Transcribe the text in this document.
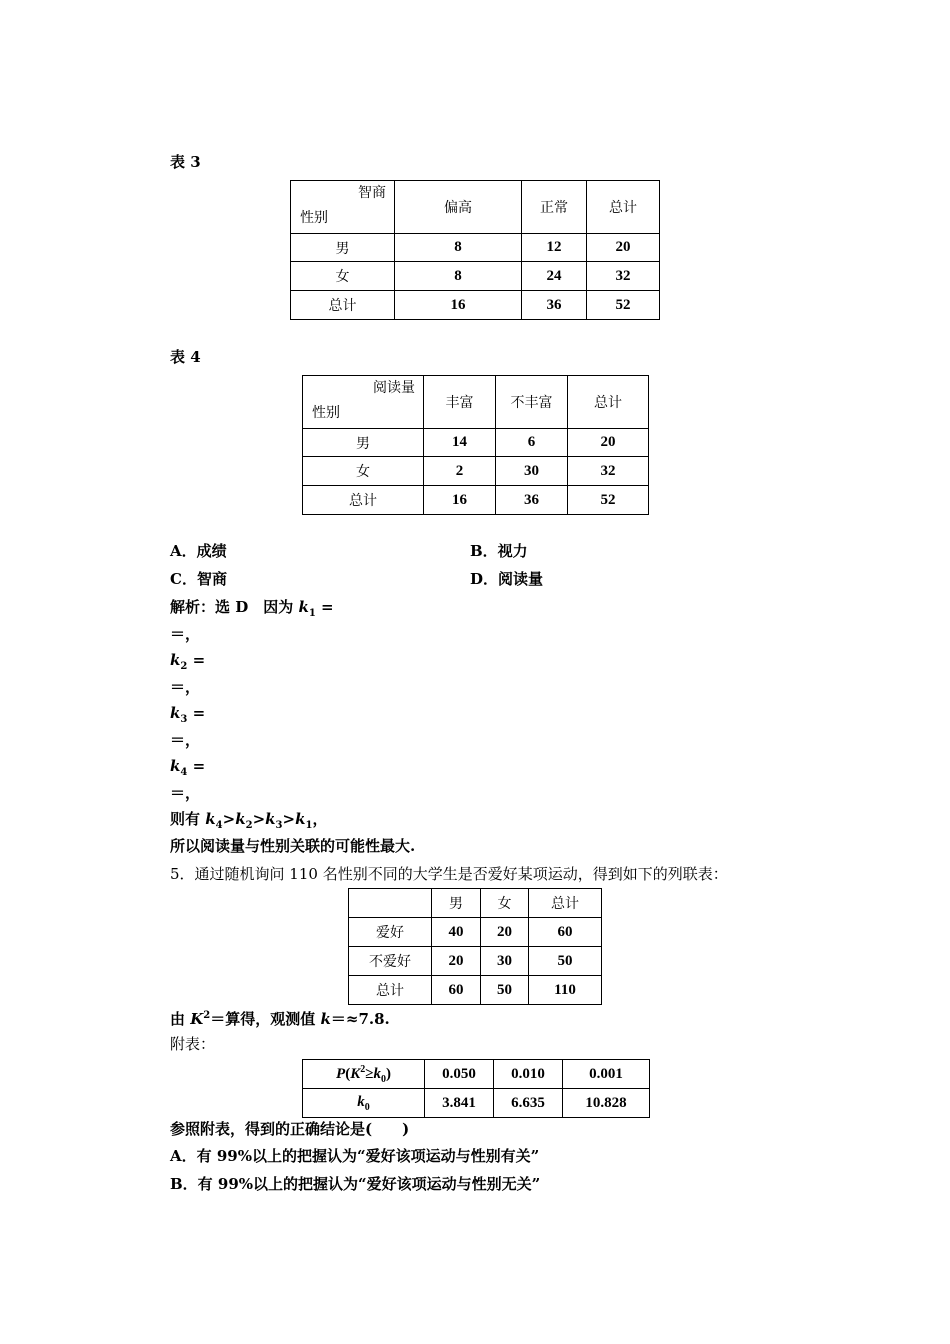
表 3
智商
性别	偏高	正常	总计
男	8	12	20
女	8	24	32
总计	16	36	52
表 4
阅读量
性别	丰富	不丰富	总计
男	14	6	20
女	2	30	32
总计	16	36	52
A．成绩	B．视力
C．智商	D．阅读量
解析：选 D　因为 $k_1$ =
＝，
$k_2$ =
＝，
$k_3$ =
＝，
$k_4$ =
＝，
则有 $k_4>k_2>k_3>k_1$，
所以阅读量与性别关联的可能性最大.
5．通过随机询问 110 名性别不同的大学生是否爱好某项运动，得到如下的列联表：
	男	女	总计
爱好	40	20	60
不爱好	20	30	50
总计	60	50	110
由 $K^2=$算得，观测值 k＝≈7.8.
附表：
$P(K^2\ge k_0)$	0.050	0.010	0.001
$k_0$	3.841	6.635	10.828
参照附表，得到的正确结论是(　　)
A．有 99%以上的把握认为“爱好该项运动与性别有关”
B．有 99%以上的把握认为“爱好该项运动与性别无关”
